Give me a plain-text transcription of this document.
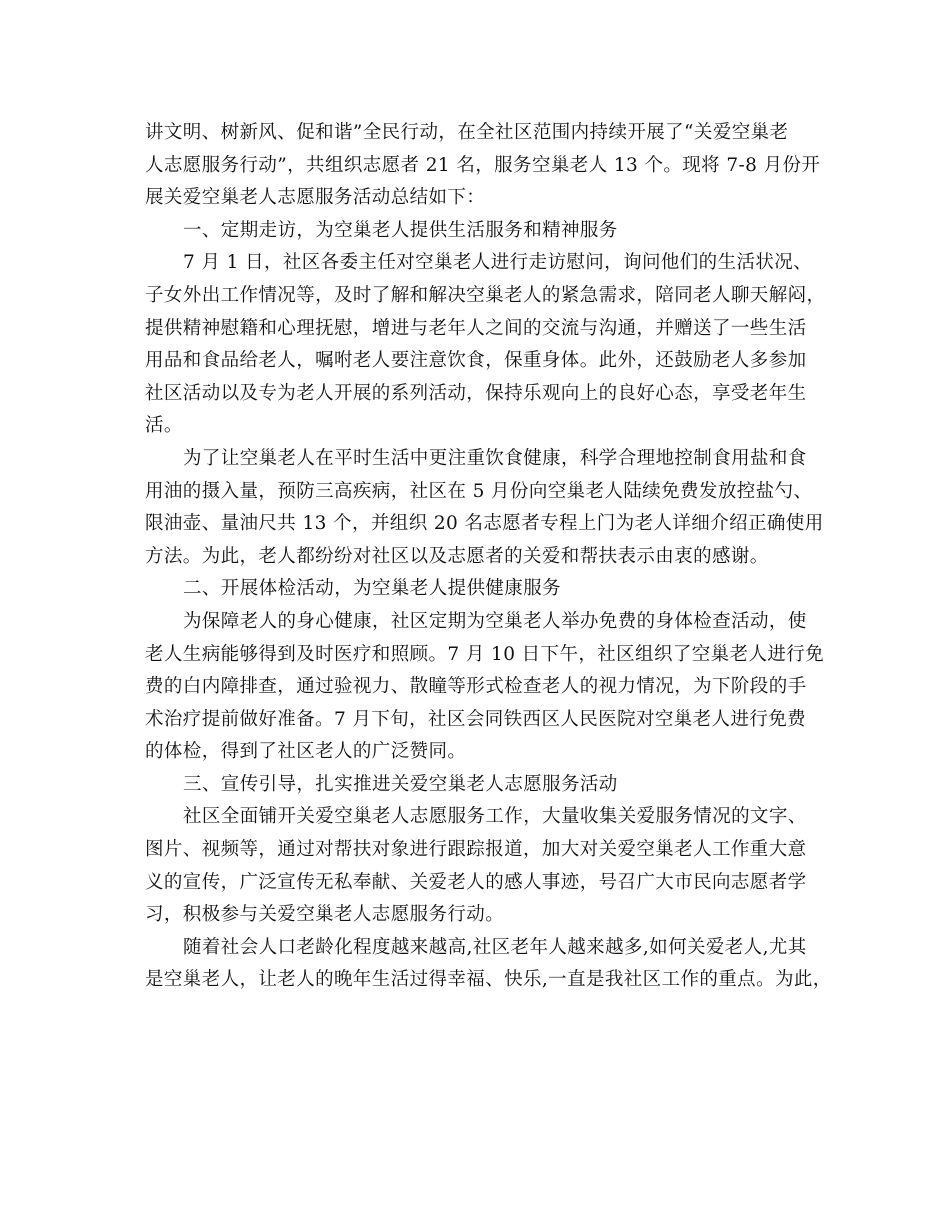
讲文明、树新风、促和谐”全民行动，在全社区范围内持续开展了“关爱空巢老
人志愿服务行动”，共组织志愿者 21 名，服务空巢老人 13 个。现将 7-8 月份开
展关爱空巢老人志愿服务活动总结如下：
一、定期走访，为空巢老人提供生活服务和精神服务
7 月 1 日，社区各委主任对空巢老人进行走访慰问，询问他们的生活状况、
子女外出工作情况等，及时了解和解决空巢老人的紧急需求，陪同老人聊天解闷，
提供精神慰籍和心理抚慰，增进与老年人之间的交流与沟通，并赠送了一些生活
用品和食品给老人，嘱咐老人要注意饮食，保重身体。此外，还鼓励老人多参加
社区活动以及专为老人开展的系列活动，保持乐观向上的良好心态，享受老年生
活。
为了让空巢老人在平时生活中更注重饮食健康，科学合理地控制食用盐和食
用油的摄入量，预防三高疾病，社区在 5 月份向空巢老人陆续免费发放控盐勺、
限油壶、量油尺共 13 个，并组织 20 名志愿者专程上门为老人详细介绍正确使用
方法。为此，老人都纷纷对社区以及志愿者的关爱和帮扶表示由衷的感谢。
二、开展体检活动，为空巢老人提供健康服务
为保障老人的身心健康，社区定期为空巢老人举办免费的身体检查活动，使
老人生病能够得到及时医疗和照顾。7 月 10 日下午，社区组织了空巢老人进行免
费的白内障排查，通过验视力、散瞳等形式检查老人的视力情况，为下阶段的手
术治疗提前做好准备。7 月下旬，社区会同铁西区人民医院对空巢老人进行免费
的体检，得到了社区老人的广泛赞同。
三、宣传引导，扎实推进关爱空巢老人志愿服务活动
社区全面铺开关爱空巢老人志愿服务工作，大量收集关爱服务情况的文字、
图片、视频等，通过对帮扶对象进行跟踪报道，加大对关爱空巢老人工作重大意
义的宣传，广泛宣传无私奉献、关爱老人的感人事迹，号召广大市民向志愿者学
习，积极参与关爱空巢老人志愿服务行动。
随着社会人口老龄化程度越来越高,社区老年人越来越多,如何关爱老人,尤其
是空巢老人，让老人的晚年生活过得幸福、快乐,一直是我社区工作的重点。为此，
